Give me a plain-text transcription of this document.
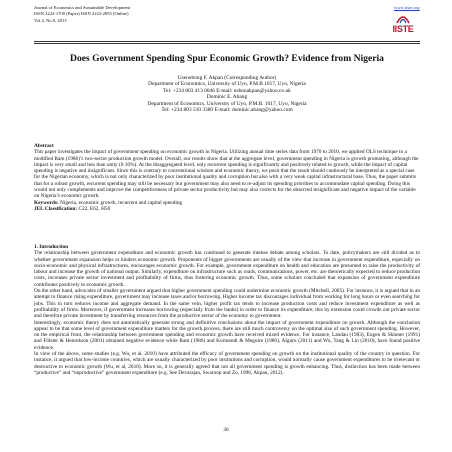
Journal of Economics and Sustainable Development
ISSN 2222-1700 (Paper) ISSN 2222-2855 (Online)
Vol.4, No.9, 2013
www.iiste.org
IISTE
Does Government Spending Spur Economic Growth? Evidence from Nigeria
Usenobong F. Akpan (Corresponding Author)
Department of Economics, University of Uyo, P.M.B 1017, Uyo, Nigeria
Tel: +234 803 413 0046 E-mail: usbonakpan@yahoo.co.uk
Dominic E. Abang
Department of Economics, University of Uyo, P.M.B. 1017, Uyo, Nigeria
Tel: +234 803 510 3380 E-mail: dominic.abang@yahoo.com
Abstract

This paper investigates the impact of government spending on economic growth in Nigeria. Utilizing annual time series data from 1970 to 2010, we applied OLS technique to a modified Ram (1986)’s two-sector production growth model. Overall, our results show that at the aggregate level, government spending in Nigeria is growth promoting, although the impact is very small and less than unity (0.16%). At the disaggregated level, only recurrent spending is significantly and positively related to growth, while the impact of capital spending is negative and insignificant. Since this is contrary to conventional wisdom and economic theory, we posit that the result should cautiously be interpreted as a special case for the Nigerian economy, which is not only characterized by poor institutional quality and corruption but also with a very weak capital infrastructural base. Thus, the paper submits that for a robust growth, recurrent spending may still be necessary but government may also need to re-adjust its spending priorities to accommodate capital spending. Doing this would not only complements and improve the competitiveness of private sector productivity but may also corrects for the observed insignificant and negative impact of the variable on Nigeria’s economic growth.

Keywords: Nigeria, economic growth, recurrent and capital spending
JEL Classification: C22, E62, H50
1. Introduction

The relationship between government expenditure and economic growth has continued to generate intense debate among scholars. To date, policymakers are still divided as to whether government expansion helps or hinders economic growth. Proponents of bigger governments are usually of the view that increase in government expenditure, especially on socio-economic and physical infrastructures, encourages economic growth. For example, government expenditure on health and education are presumed to raise the productivity of labour and increase the growth of national output. Similarly, expenditure on infrastructure such as roads, communications, power, etc. are theoretically expected to reduce production costs, increases private sector investment and profitability of firms, thus fostering economic growth. Thus, some scholars concluded that expansion of government expenditure contributes positively to economic growth.

On the other hand, advocates of smaller government argued that higher government spending could undermine economic growth (Mitchell, 2005). For instance, it is argued that in an attempt to finance rising expenditure, government may increase taxes and/or borrowing. Higher income tax discourages individual from working for long hours or even searching for jobs. This in turn reduces income and aggregate demand. In the same vein, higher profit tax tends to increase production costs and reduce investment expenditure as well as profitability of firms. Moreover, if government increases borrowing (especially from the banks) in order to finance its expenditure; this by extension could crowds out private sector and therefore private investment by transferring resources from the productive sector of the economy to government.

Interestingly, economic theory does not automatically generate strong and definitive conclusions about the impact of government expenditure on growth. Although the conclusion appear to be that some level of government expenditure matters for the growth process, there are still much controversy on the optimal size of such government spending. However, on the empirical front, the relationship between government spending and economic growth have received mixed evidence. For instance, Landau (1983), Engen & Skinner (1991) and Fölster & Henrekson (2001) obtained negative evidence while Ram (1986) and Kormendi & Meguire (1986), Alguru (2011) and Wu, Tang & Lin (2010), have found positive evidence.

In view of the above, some studies (e.g. Wu, et al, 2010) have attributed the efficacy of government spending on growth on the institutional quality of the country in question. For instance, it argued that low-income countries, which are usually characterized by poor institutions and corruption, would normally cause government expenditures to be irrelevant or destructive to economic growth (Wu, et al, 2010). More so, it is generally agreed that not all government spending is growth enhancing. Thus, distinction has been made between “productive” and “unproductive” government expenditure (e.g. See Devarajan, Swaroop and Zo, 1996, Akpan, 2012).

36
